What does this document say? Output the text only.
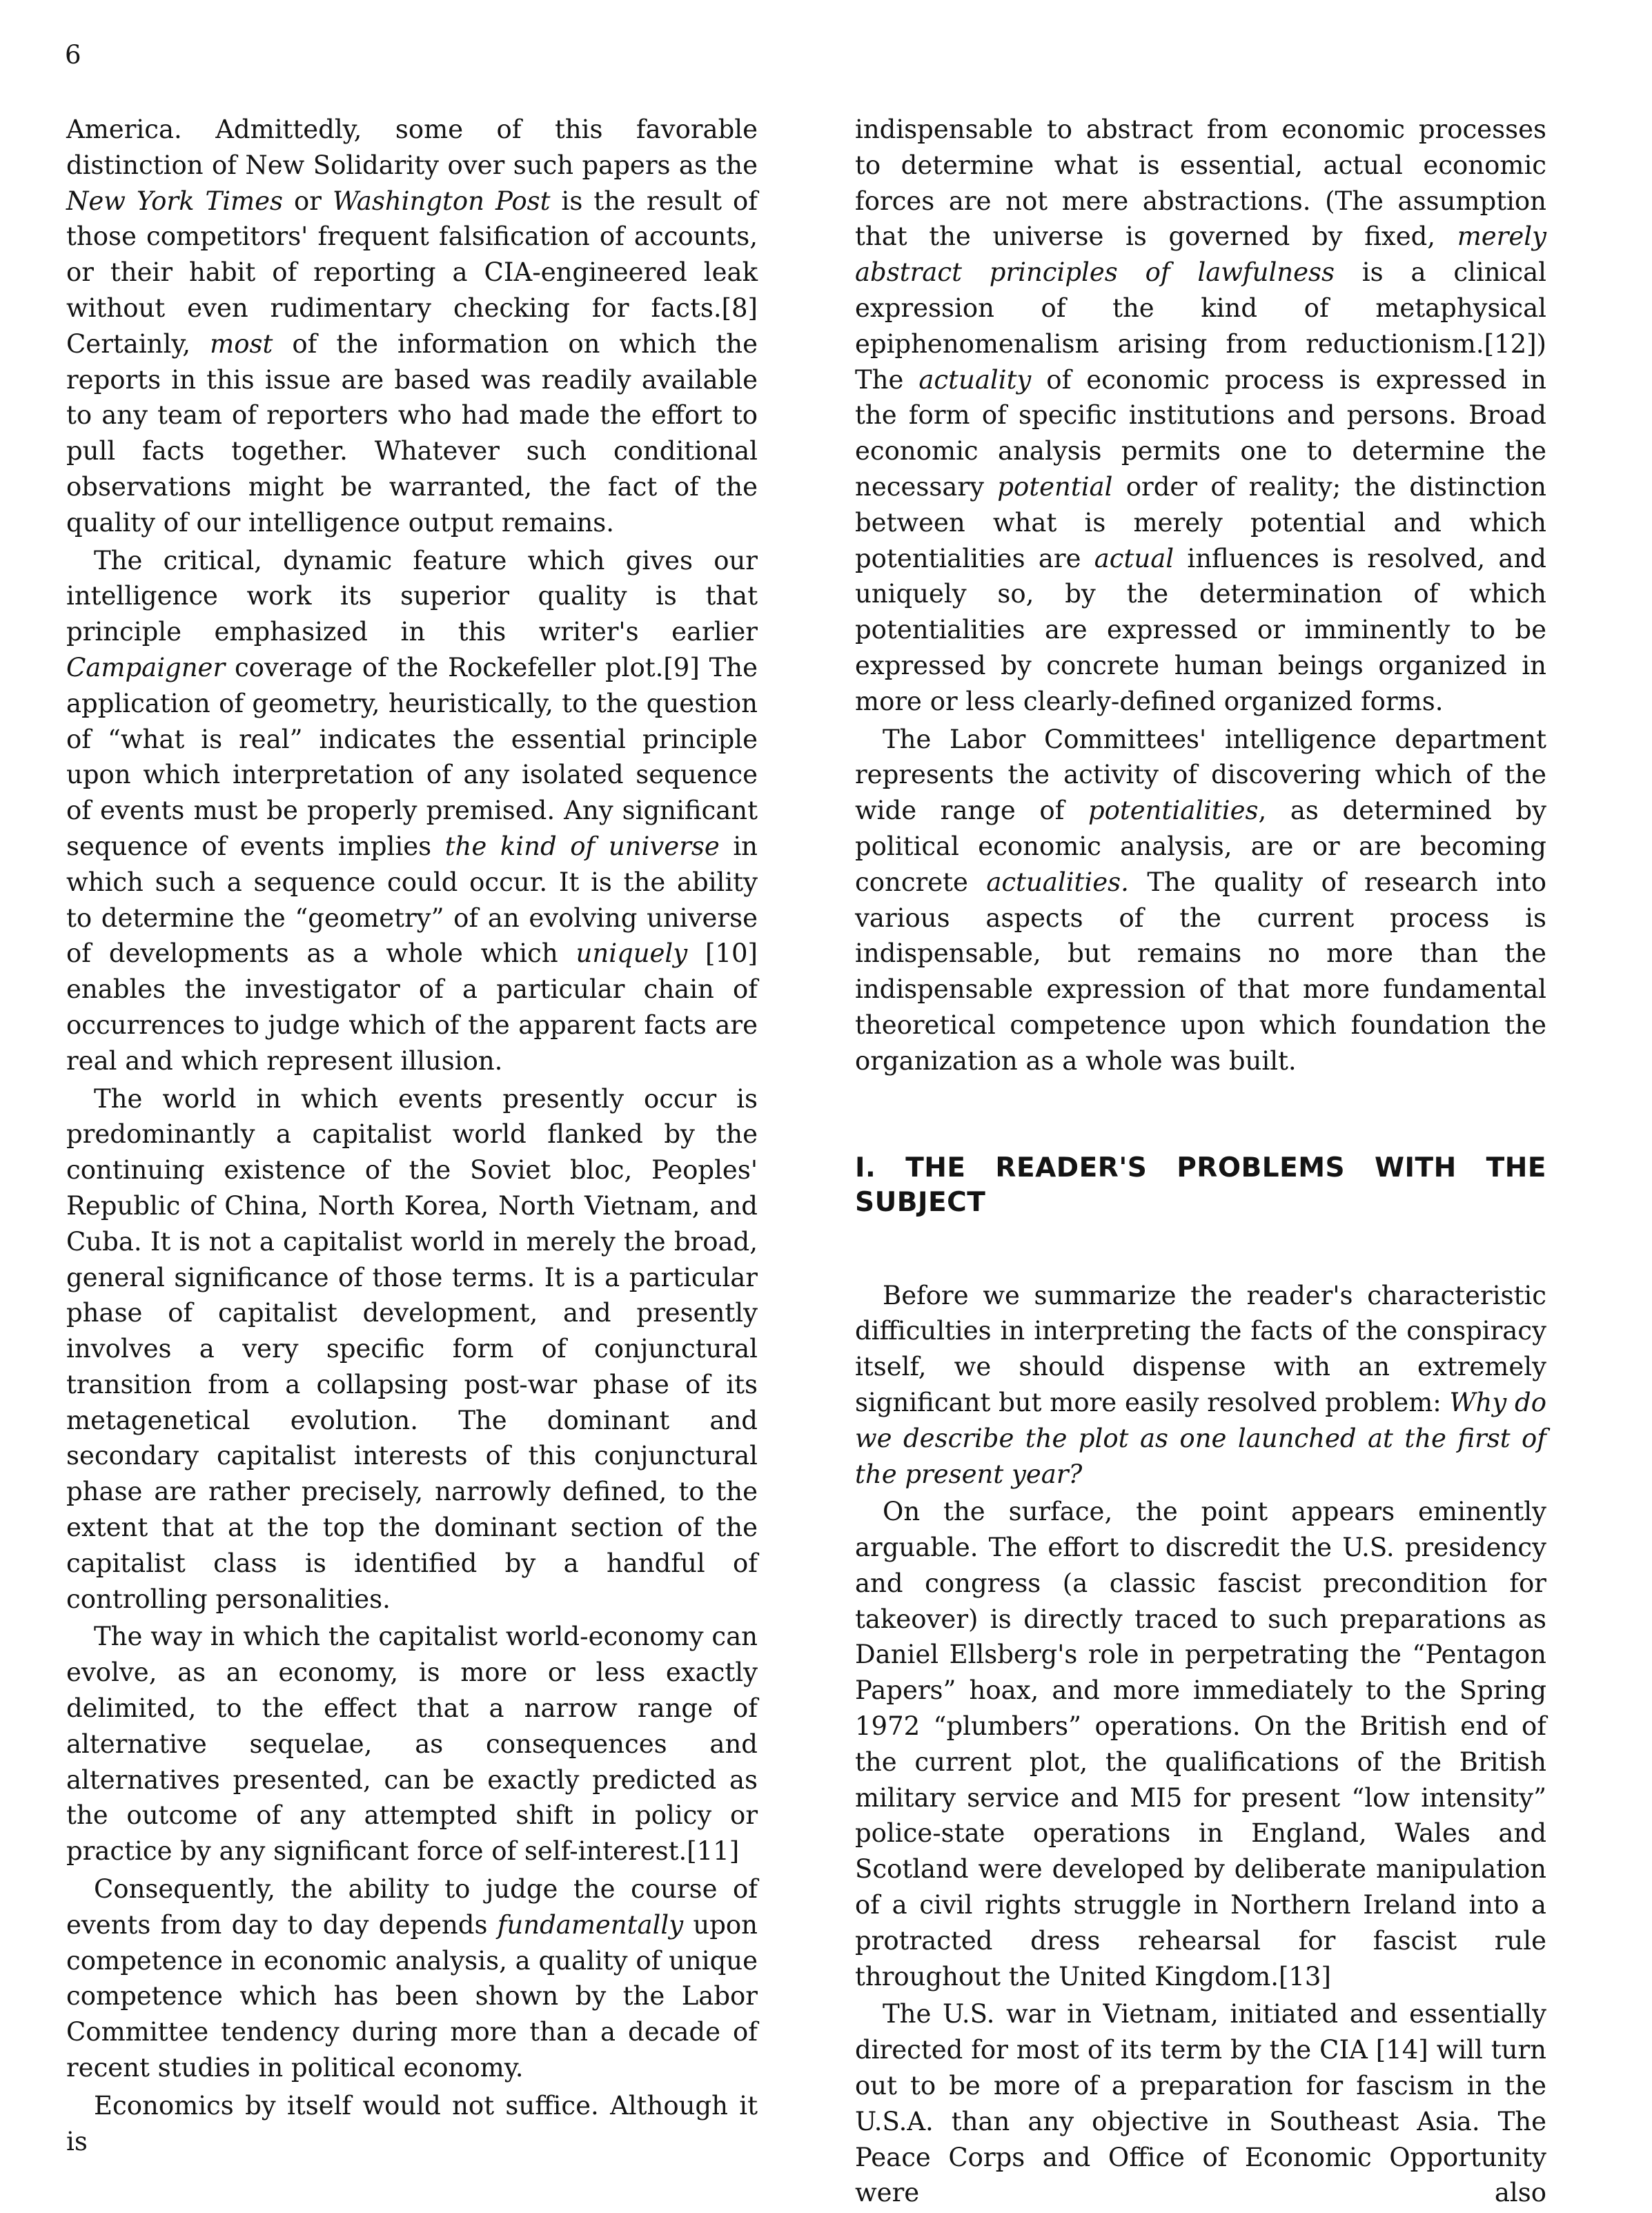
6

America. Admittedly, some of this favorable distinction of New Solidarity over such papers as the New York Times or Washington Post is the result of those competitors' frequent falsification of accounts, or their habit of reporting a CIA-engineered leak without even rudimentary checking for facts.[8] Certainly, most of the information on which the reports in this issue are based was readily available to any team of reporters who had made the effort to pull facts together. Whatever such conditional observations might be warranted, the fact of the quality of our intelligence output remains.

The critical, dynamic feature which gives our intelligence work its superior quality is that principle emphasized in this writer's earlier Campaigner coverage of the Rockefeller plot.[9] The application of geometry, heuristically, to the question of “what is real” indicates the essential principle upon which interpretation of any isolated sequence of events must be properly premised. Any significant sequence of events implies the kind of universe in which such a sequence could occur. It is the ability to determine the “geometry” of an evolving universe of developments as a whole which uniquely [10] enables the investigator of a particular chain of occurrences to judge which of the apparent facts are real and which represent illusion.

The world in which events presently occur is predominantly a capitalist world flanked by the continuing existence of the Soviet bloc, Peoples' Republic of China, North Korea, North Vietnam, and Cuba. It is not a capitalist world in merely the broad, general significance of those terms. It is a particular phase of capitalist development, and presently involves a very specific form of conjunctural transition from a collapsing post-war phase of its metagenetical evolution. The dominant and secondary capitalist interests of this conjunctural phase are rather precisely, narrowly defined, to the extent that at the top the dominant section of the capitalist class is identified by a handful of controlling personalities.

The way in which the capitalist world-economy can evolve, as an economy, is more or less exactly delimited, to the effect that a narrow range of alternative sequelae, as consequences and alternatives presented, can be exactly predicted as the outcome of any attempted shift in policy or practice by any significant force of self-interest.[11]

Consequently, the ability to judge the course of events from day to day depends fundamentally upon competence in economic analysis, a quality of unique competence which has been shown by the Labor Committee tendency during more than a decade of recent studies in political economy.

Economics by itself would not suffice. Although it is

indispensable to abstract from economic processes to determine what is essential, actual economic forces are not mere abstractions. (The assumption that the universe is governed by fixed, merely abstract principles of lawfulness is a clinical expression of the kind of metaphysical epiphenomenalism arising from reductionism.[12]) The actuality of economic process is expressed in the form of specific institutions and persons. Broad economic analysis permits one to determine the necessary potential order of reality; the distinction between what is merely potential and which potentialities are actual influences is resolved, and uniquely so, by the determination of which potentialities are expressed or imminently to be expressed by concrete human beings organized in more or less clearly-defined organized forms.

The Labor Committees' intelligence department represents the activity of discovering which of the wide range of potentialities, as determined by political economic analysis, are or are becoming concrete actualities. The quality of research into various aspects of the current process is indispensable, but remains no more than the indispensable expression of that more fundamental theoretical competence upon which foundation the organization as a whole was built.

I. THE READER'S PROBLEMS WITH THE SUBJECT

Before we summarize the reader's characteristic difficulties in interpreting the facts of the conspiracy itself, we should dispense with an extremely significant but more easily resolved problem: Why do we describe the plot as one launched at the first of the present year?

On the surface, the point appears eminently arguable. The effort to discredit the U.S. presidency and congress (a classic fascist precondition for takeover) is directly traced to such preparations as Daniel Ellsberg's role in perpetrating the “Pentagon Papers” hoax, and more immediately to the Spring 1972 “plumbers” operations. On the British end of the current plot, the qualifications of the British military service and MI5 for present “low intensity” police-state operations in England, Wales and Scotland were developed by deliberate manipulation of a civil rights struggle in Northern Ireland into a protracted dress rehearsal for fascist rule throughout the United Kingdom.[13]

The U.S. war in Vietnam, initiated and essentially directed for most of its term by the CIA [14] will turn out to be more of a preparation for fascism in the U.S.A. than any objective in Southeast Asia. The Peace Corps and Office of Economic Opportunity were also
